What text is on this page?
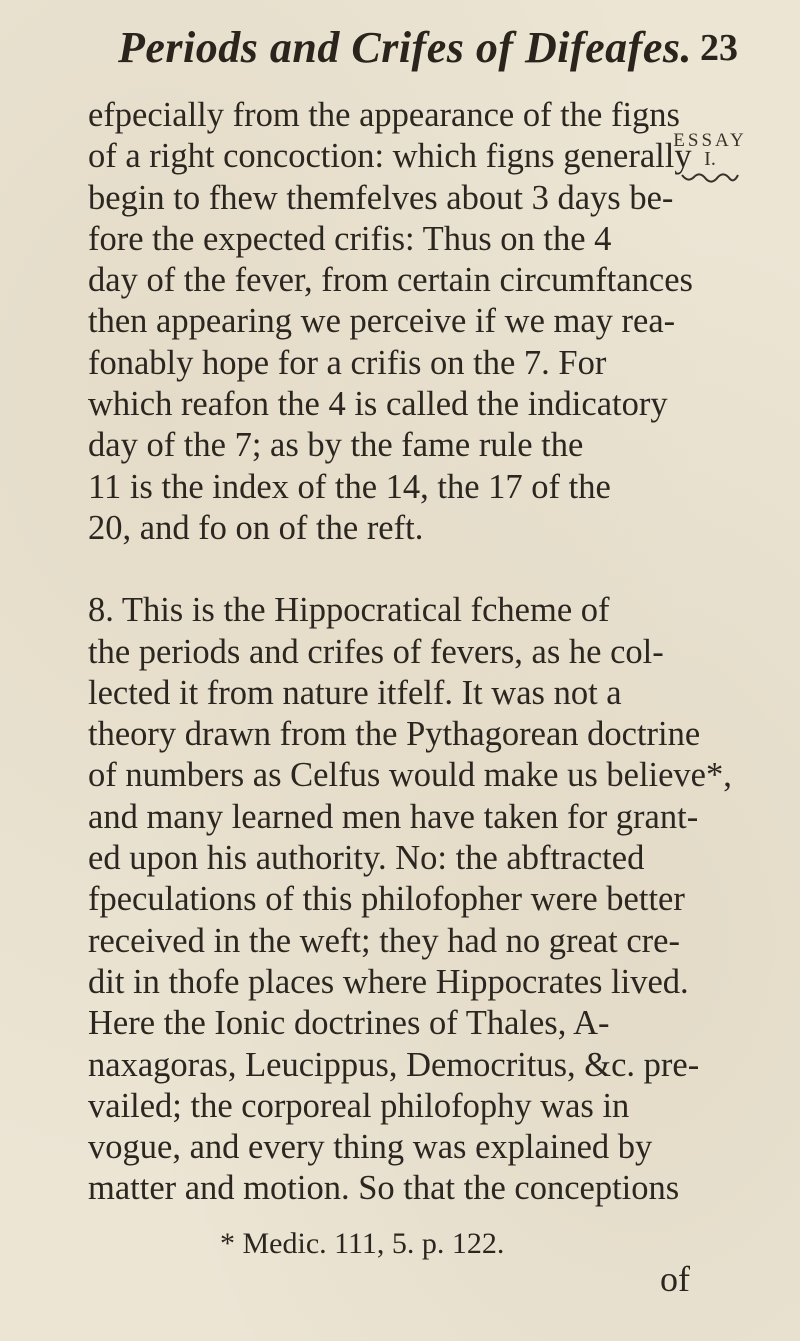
Periods and Crifes of Difeafes. 23
ESSAY
I.
efpecially from the appearance of the figns
of a right concoction: which figns generally
begin to fhew themfelves about 3 days be-
fore the expected crifis: Thus on the 4
day of the fever, from certain circumftances
then appearing we perceive if we may rea-
fonably hope for a crifis on the 7. For
which reafon the 4 is called the indicatory
day of the 7; as by the fame rule the
11 is the index of the 14, the 17 of the
20, and fo on of the reft.
8. This is the Hippocratical fcheme of
the periods and crifes of fevers, as he col-
lected it from nature itfelf. It was not a
theory drawn from the Pythagorean doctrine
of numbers as Celfus would make us believe*,
and many learned men have taken for grant-
ed upon his authority. No: the abftracted
fpeculations of this philofopher were better
received in the weft; they had no great cre-
dit in thofe places where Hippocrates lived.
Here the Ionic doctrines of Thales, A-
naxagoras, Leucippus, Democritus, &c. pre-
vailed; the corporeal philofophy was in
vogue, and every thing was explained by
matter and motion. So that the conceptions
* Medic. 111, 5. p. 122.
of
